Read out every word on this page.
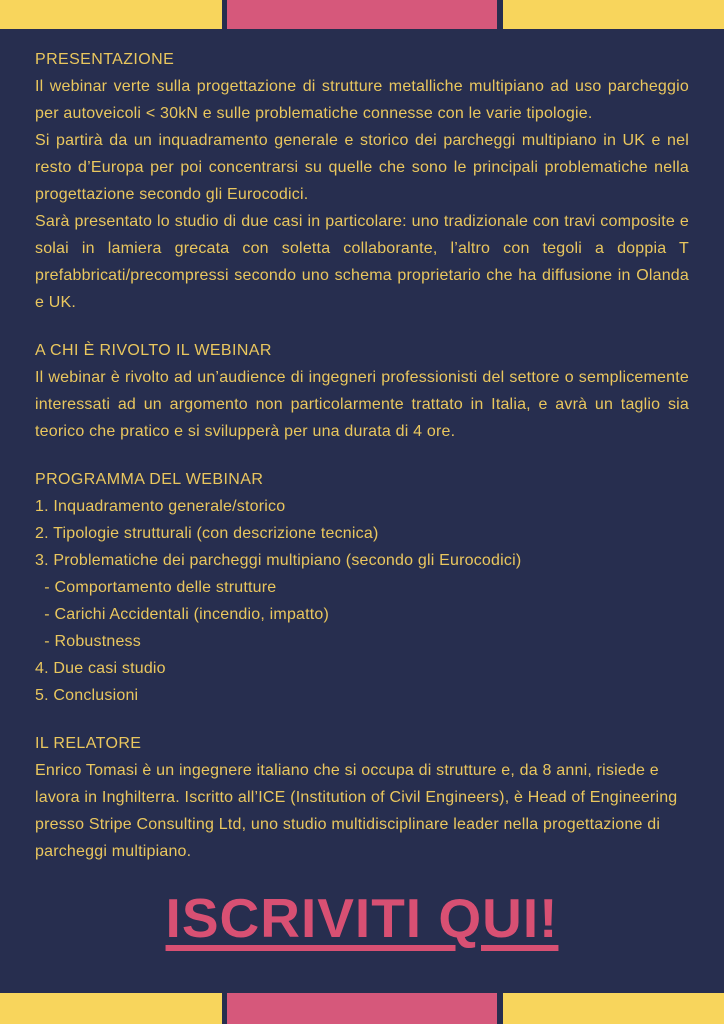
PRESENTAZIONE

Il webinar verte sulla progettazione di strutture metalliche multipiano ad uso parcheggio per autoveicoli < 30kN e sulle problematiche connesse con le varie tipologie.

Si partirà da un inquadramento generale e storico dei parcheggi multipiano in UK e nel resto d’Europa per poi concentrarsi su quelle che sono le principali problematiche nella progettazione secondo gli Eurocodici.

Sarà presentato lo studio di due casi in particolare: uno tradizionale con travi composite e solai in lamiera grecata con soletta collaborante, l’altro con tegoli a doppia T prefabbricati/precompressi secondo uno schema proprietario che ha diffusione in Olanda e UK.

A CHI È RIVOLTO IL WEBINAR

Il webinar è rivolto ad un’audience di ingegneri professionisti del settore o semplicemente interessati ad un argomento non particolarmente trattato in Italia, e avrà un taglio sia teorico che pratico e si svilupperà per una durata di 4 ore.

PROGRAMMA DEL WEBINAR
1. Inquadramento generale/storico
2. Tipologie strutturali (con descrizione tecnica)
3. Problematiche dei parcheggi multipiano (secondo gli Eurocodici)
- Comportamento delle strutture
- Carichi Accidentali (incendio, impatto)
- Robustness
4. Due casi studio
5. Conclusioni
IL RELATORE

Enrico Tomasi è un ingegnere italiano che si occupa di strutture e, da 8 anni, risiede e lavora in Inghilterra. Iscritto all’ICE (Institution of Civil Engineers), è Head of Engineering presso Stripe Consulting Ltd, uno studio multidisciplinare leader nella progettazione di parcheggi multipiano.

ISCRIVITI QUI!
